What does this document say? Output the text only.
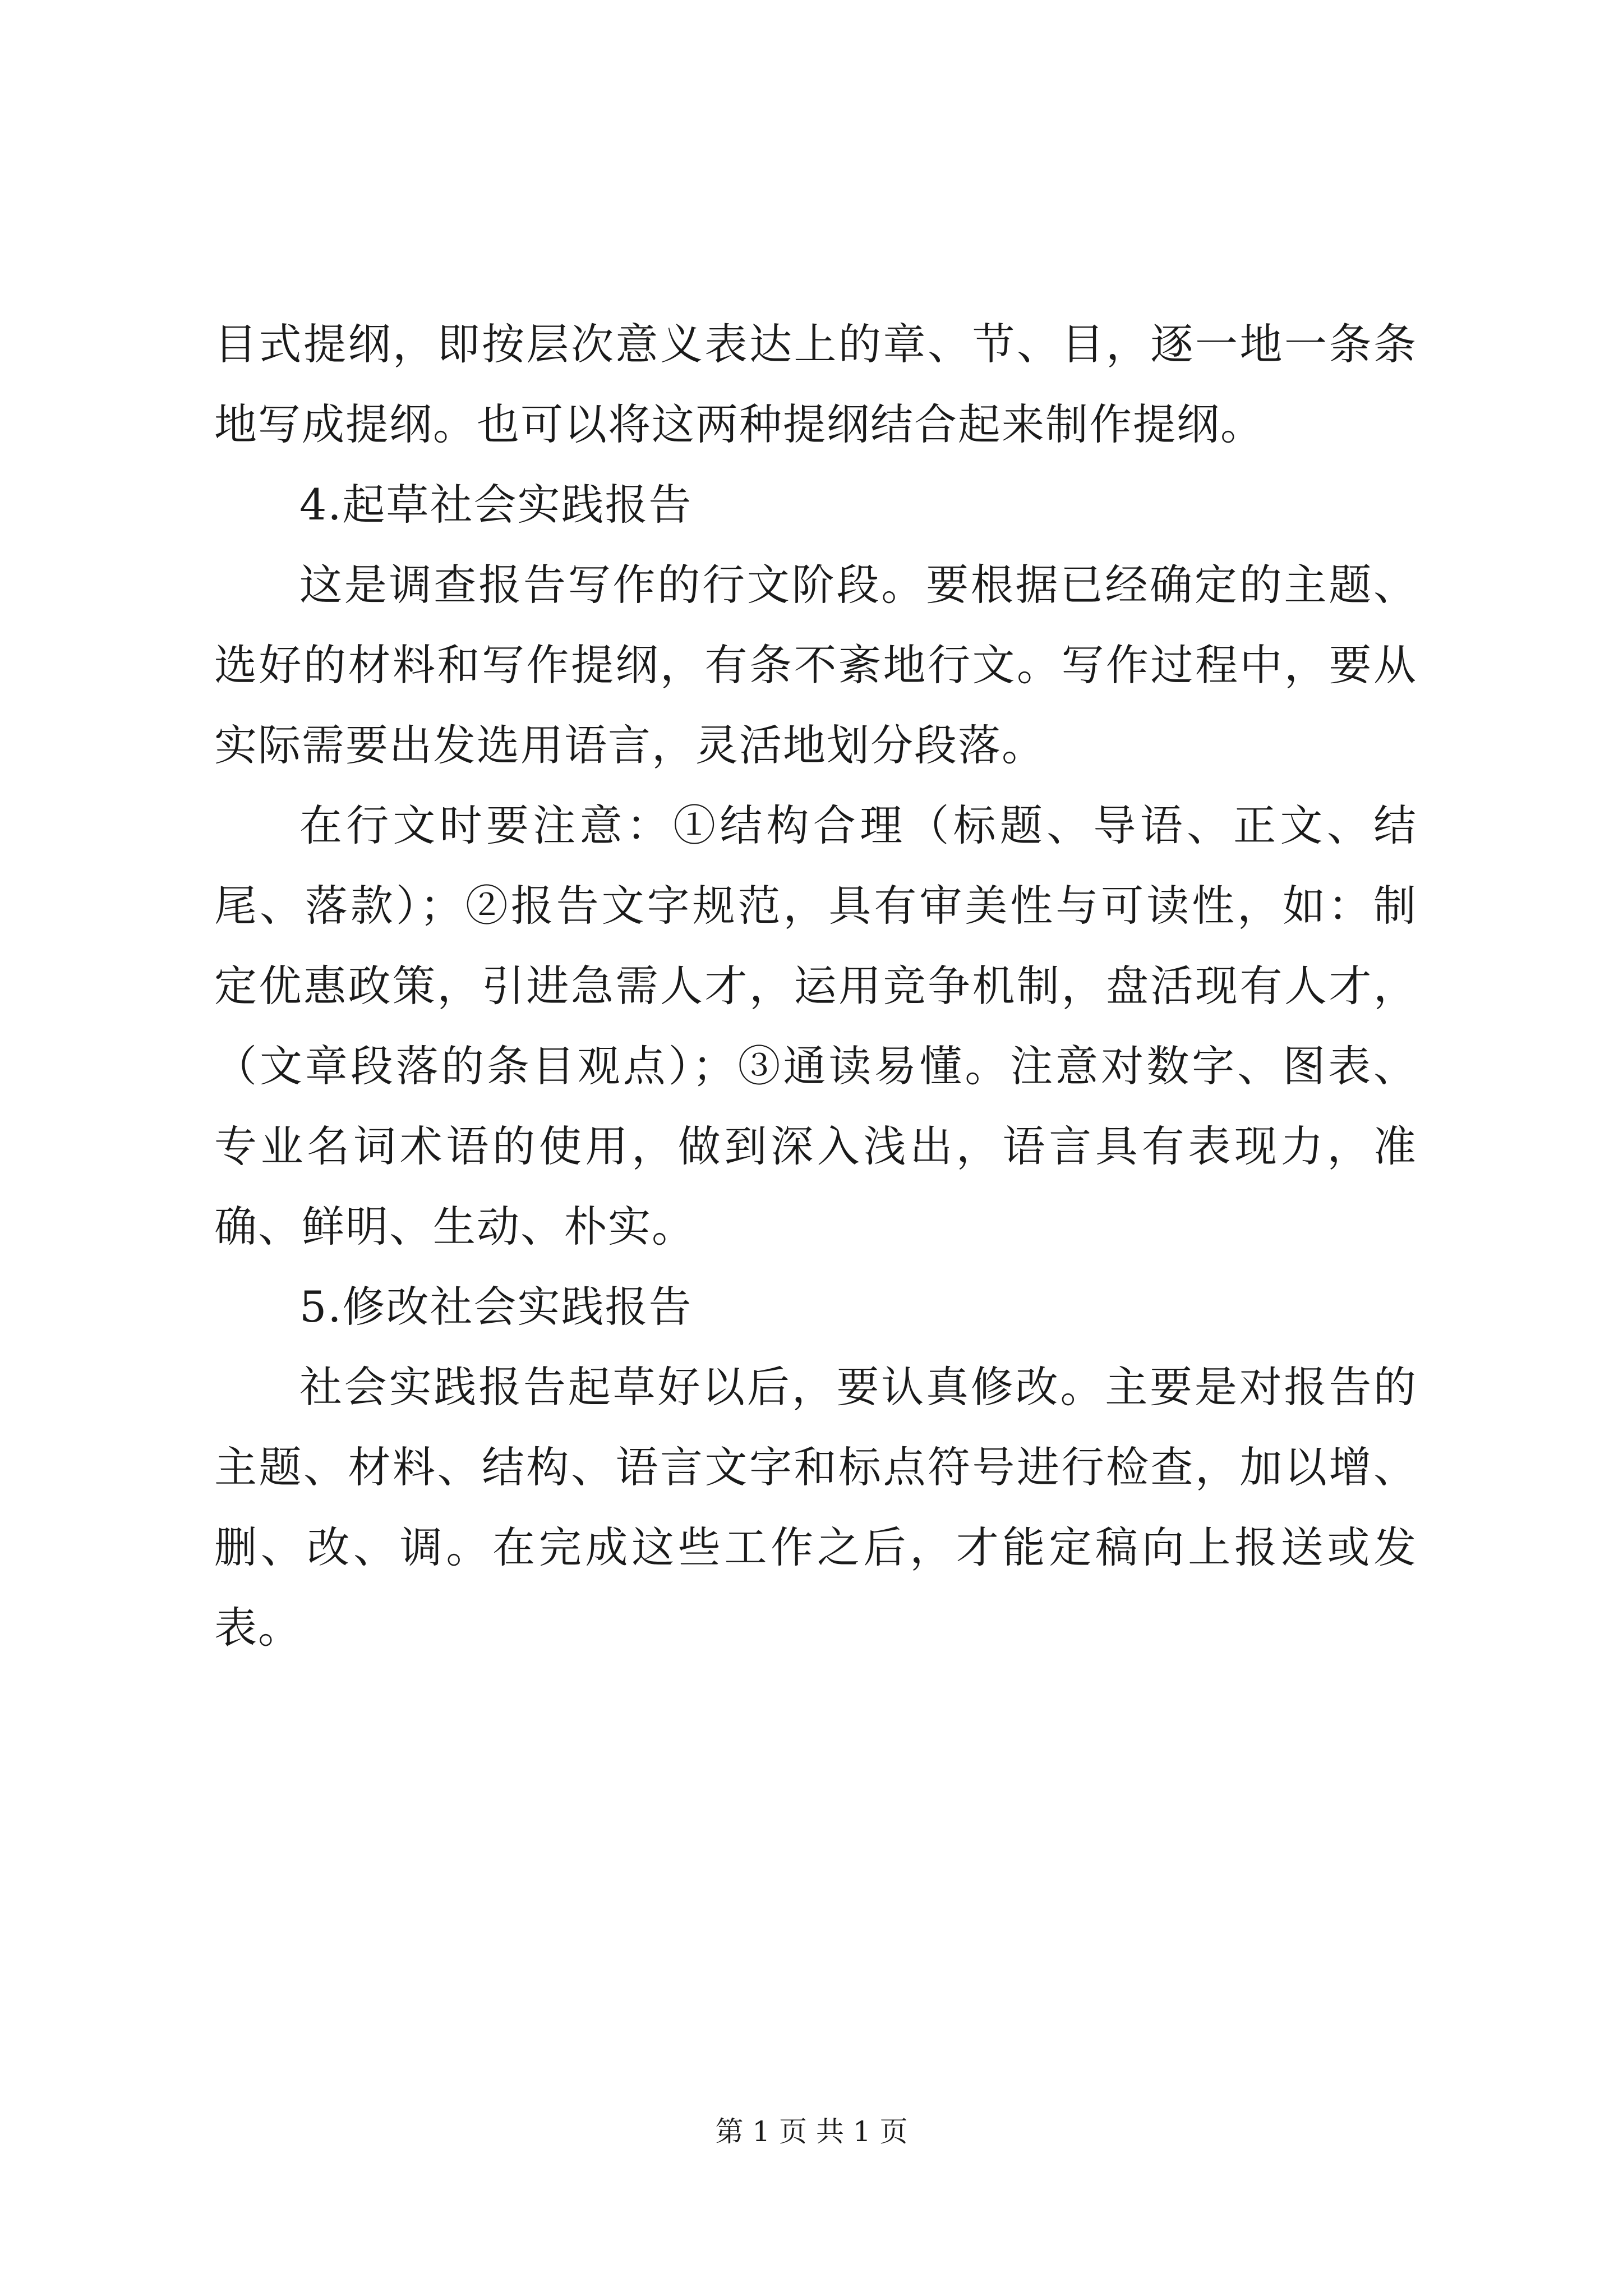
目式提纲，即按层次意义表达上的章、节、目，逐一地一条条地写成提纲。也可以将这两种提纲结合起来制作提纲。

4.起草社会实践报告

这是调查报告写作的行文阶段。要根据已经确定的主题、选好的材料和写作提纲，有条不紊地行文。写作过程中，要从实际需要出发选用语言，灵活地划分段落。

在行文时要注意：①结构合理（标题、导语、正文、结尾、落款）；②报告文字规范，具有审美性与可读性，如：制定优惠政策，引进急需人才，运用竞争机制，盘活现有人才，（文章段落的条目观点）；③通读易懂。注意对数字、图表、专业名词术语的使用，做到深入浅出，语言具有表现力，准确、鲜明、生动、朴实。

5.修改社会实践报告

社会实践报告起草好以后，要认真修改。主要是对报告的主题、材料、结构、语言文字和标点符号进行检查，加以增、删、改、调。在完成这些工作之后，才能定稿向上报送或发表。

第 1 页 共 1 页
